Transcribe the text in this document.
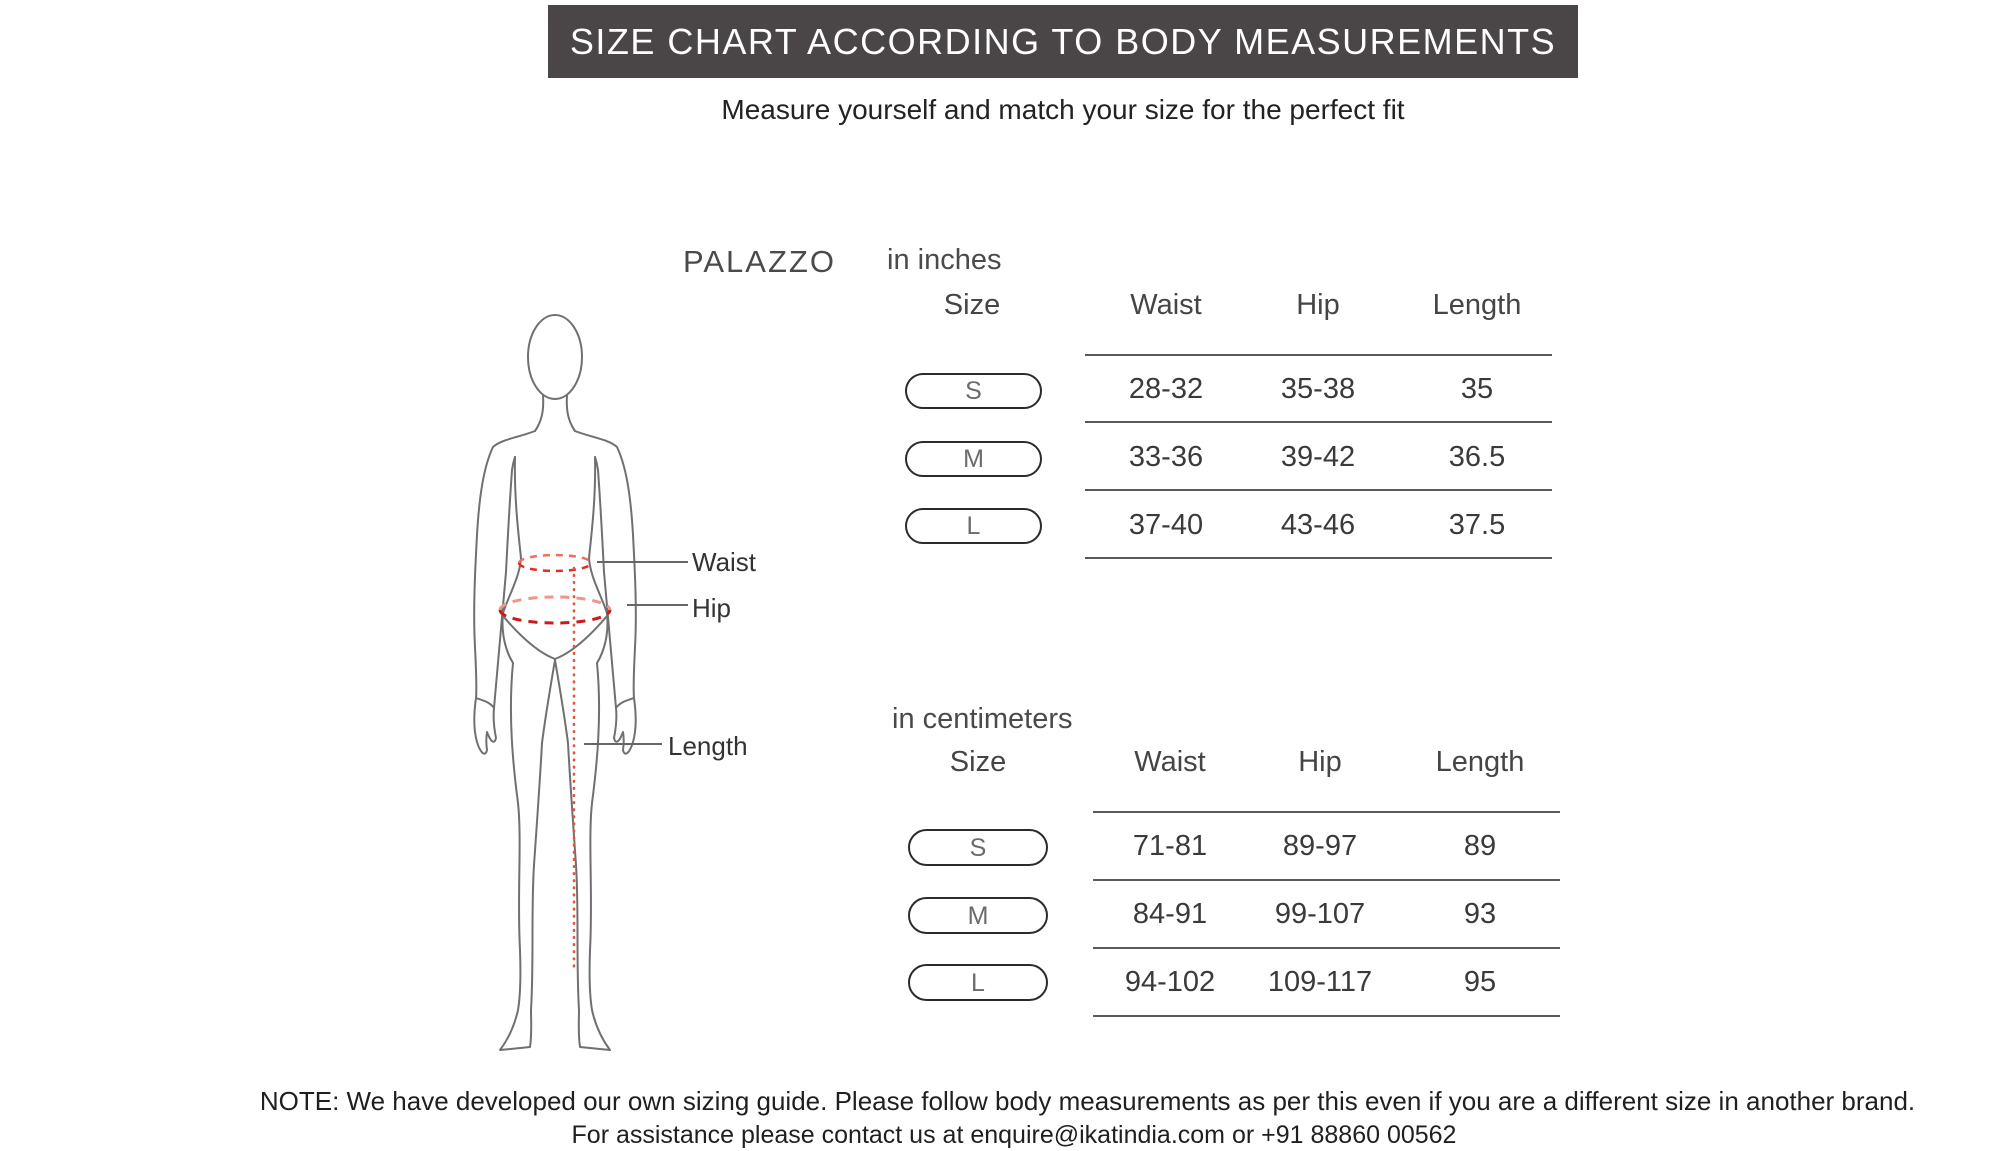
SIZE CHART ACCORDING TO BODY MEASUREMENTS
Measure yourself and match your size for the perfect fit
PALAZZO
Waist
Hip
Length
in inches
Size	Waist	Hip	Length
S	28-32	35-38	35
M	33-36	39-42	36.5
L	37-40	43-46	37.5
in centimeters
Size	Waist	Hip	Length
S	71-81	89-97	89
M	84-91	99-107	93
L	94-102	109-117	95
NOTE: We have developed our own sizing guide. Please follow body measurements as per this even if you are a different size in another brand.
For assistance please contact us at enquire@ikatindia.com or +91 88860 00562
